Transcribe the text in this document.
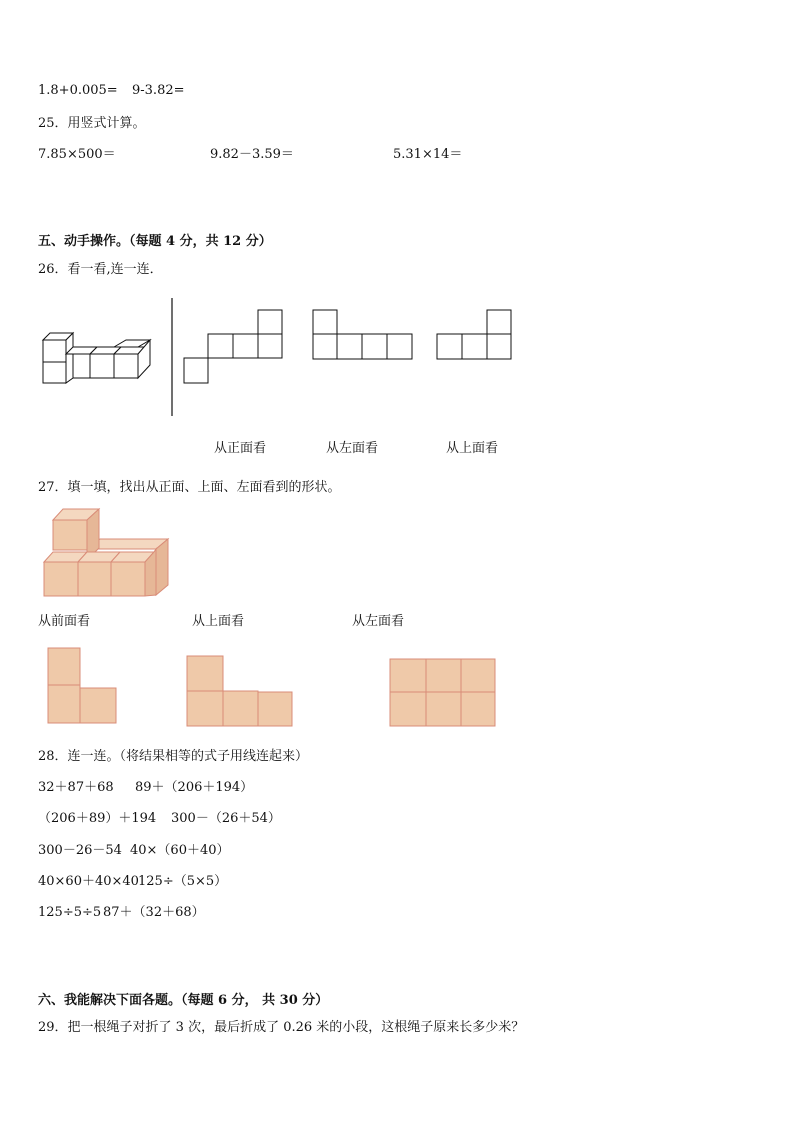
1.8+0.005= 9-3.82=
25．用竖式计算。
7.85×500＝	9.82－3.59＝	5.31×14＝
五、动手操作。（每题 4 分，共 12 分）
26．看一看,连一连．
从正面看	从左面看	从上面看
27．填一填，找出从正面、上面、左面看到的形状。
从前面看	从上面看	从左面看
28．连一连。（将结果相等的式子用线连起来）
32＋87＋68 89＋（206＋194）
（206＋89）＋194 300－（26＋54）
300－26－54 40×（60＋40）
40×60＋40×40 125÷（5×5）
125÷5÷5 87＋（32＋68）
六、我能解决下面各题。（每题 6 分， 共 30 分）
29．把一根绳子对折了 3 次，最后折成了 0.26 米的小段，这根绳子原来长多少米？
